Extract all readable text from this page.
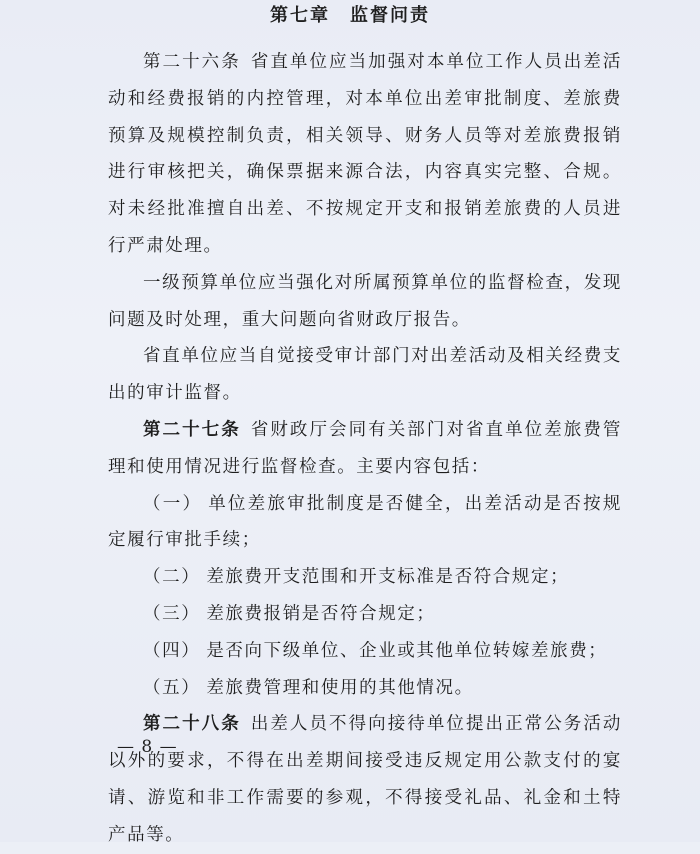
第七章　监督问责

第二十六条 省直单位应当加强对本单位工作人员出差活动和经费报销的内控管理，对本单位出差审批制度、差旅费预算及规模控制负责，相关领导、财务人员等对差旅费报销进行审核把关，确保票据来源合法，内容真实完整、合规。对未经批准擅自出差、不按规定开支和报销差旅费的人员进行严肃处理。

一级预算单位应当强化对所属预算单位的监督检查，发现问题及时处理，重大问题向省财政厅报告。

省直单位应当自觉接受审计部门对出差活动及相关经费支出的审计监督。

第二十七条 省财政厅会同有关部门对省直单位差旅费管理和使用情况进行监督检查。主要内容包括：

（一） 单位差旅审批制度是否健全，出差活动是否按规定履行审批手续；

（二） 差旅费开支范围和开支标准是否符合规定；

（三） 差旅费报销是否符合规定；

（四） 是否向下级单位、企业或其他单位转嫁差旅费；

（五） 差旅费管理和使用的其他情况。

第二十八条 出差人员不得向接待单位提出正常公务活动以外的要求，不得在出差期间接受违反规定用公款支付的宴请、游览和非工作需要的参观，不得接受礼品、礼金和土特产品等。

— 8 —
